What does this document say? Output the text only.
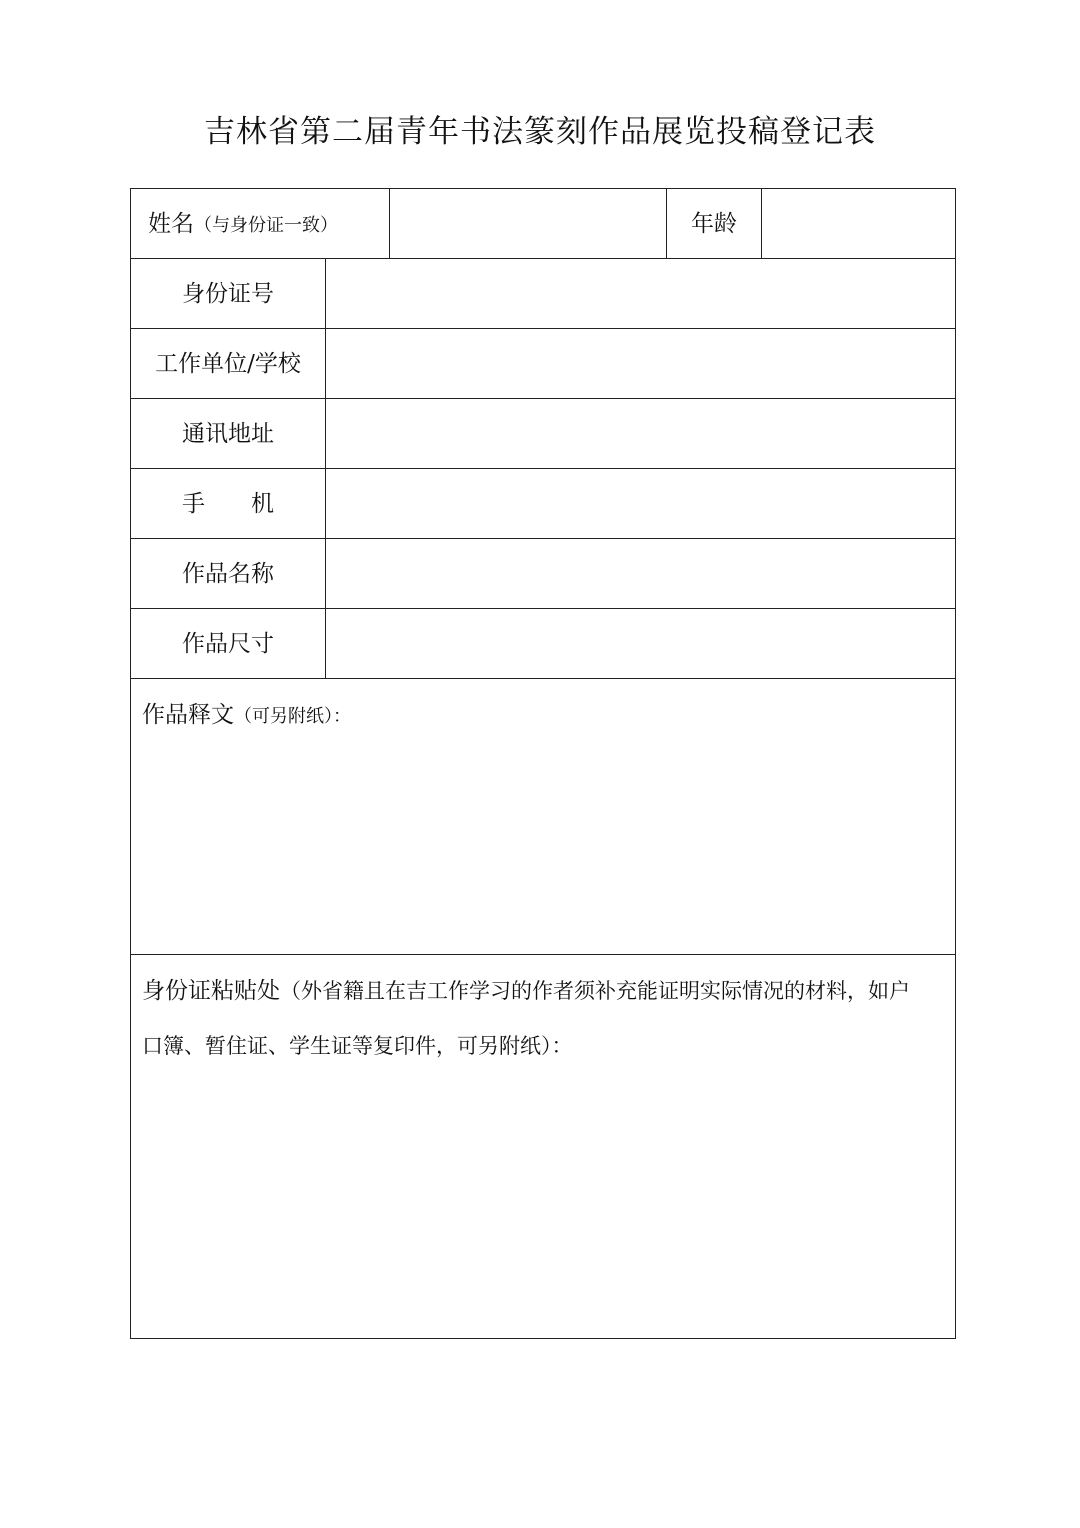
吉林省第二届青年书法篆刻作品展览投稿登记表
姓名（与身份证一致）	年龄
身份证号
工作单位/学校
通讯地址
手　　机
作品名称
作品尺寸
作品释文（可另附纸）：
身份证粘贴处（外省籍且在吉工作学习的作者须补充能证明实际情况的材料，如户
口簿、暂住证、学生证等复印件，可另附纸）：
